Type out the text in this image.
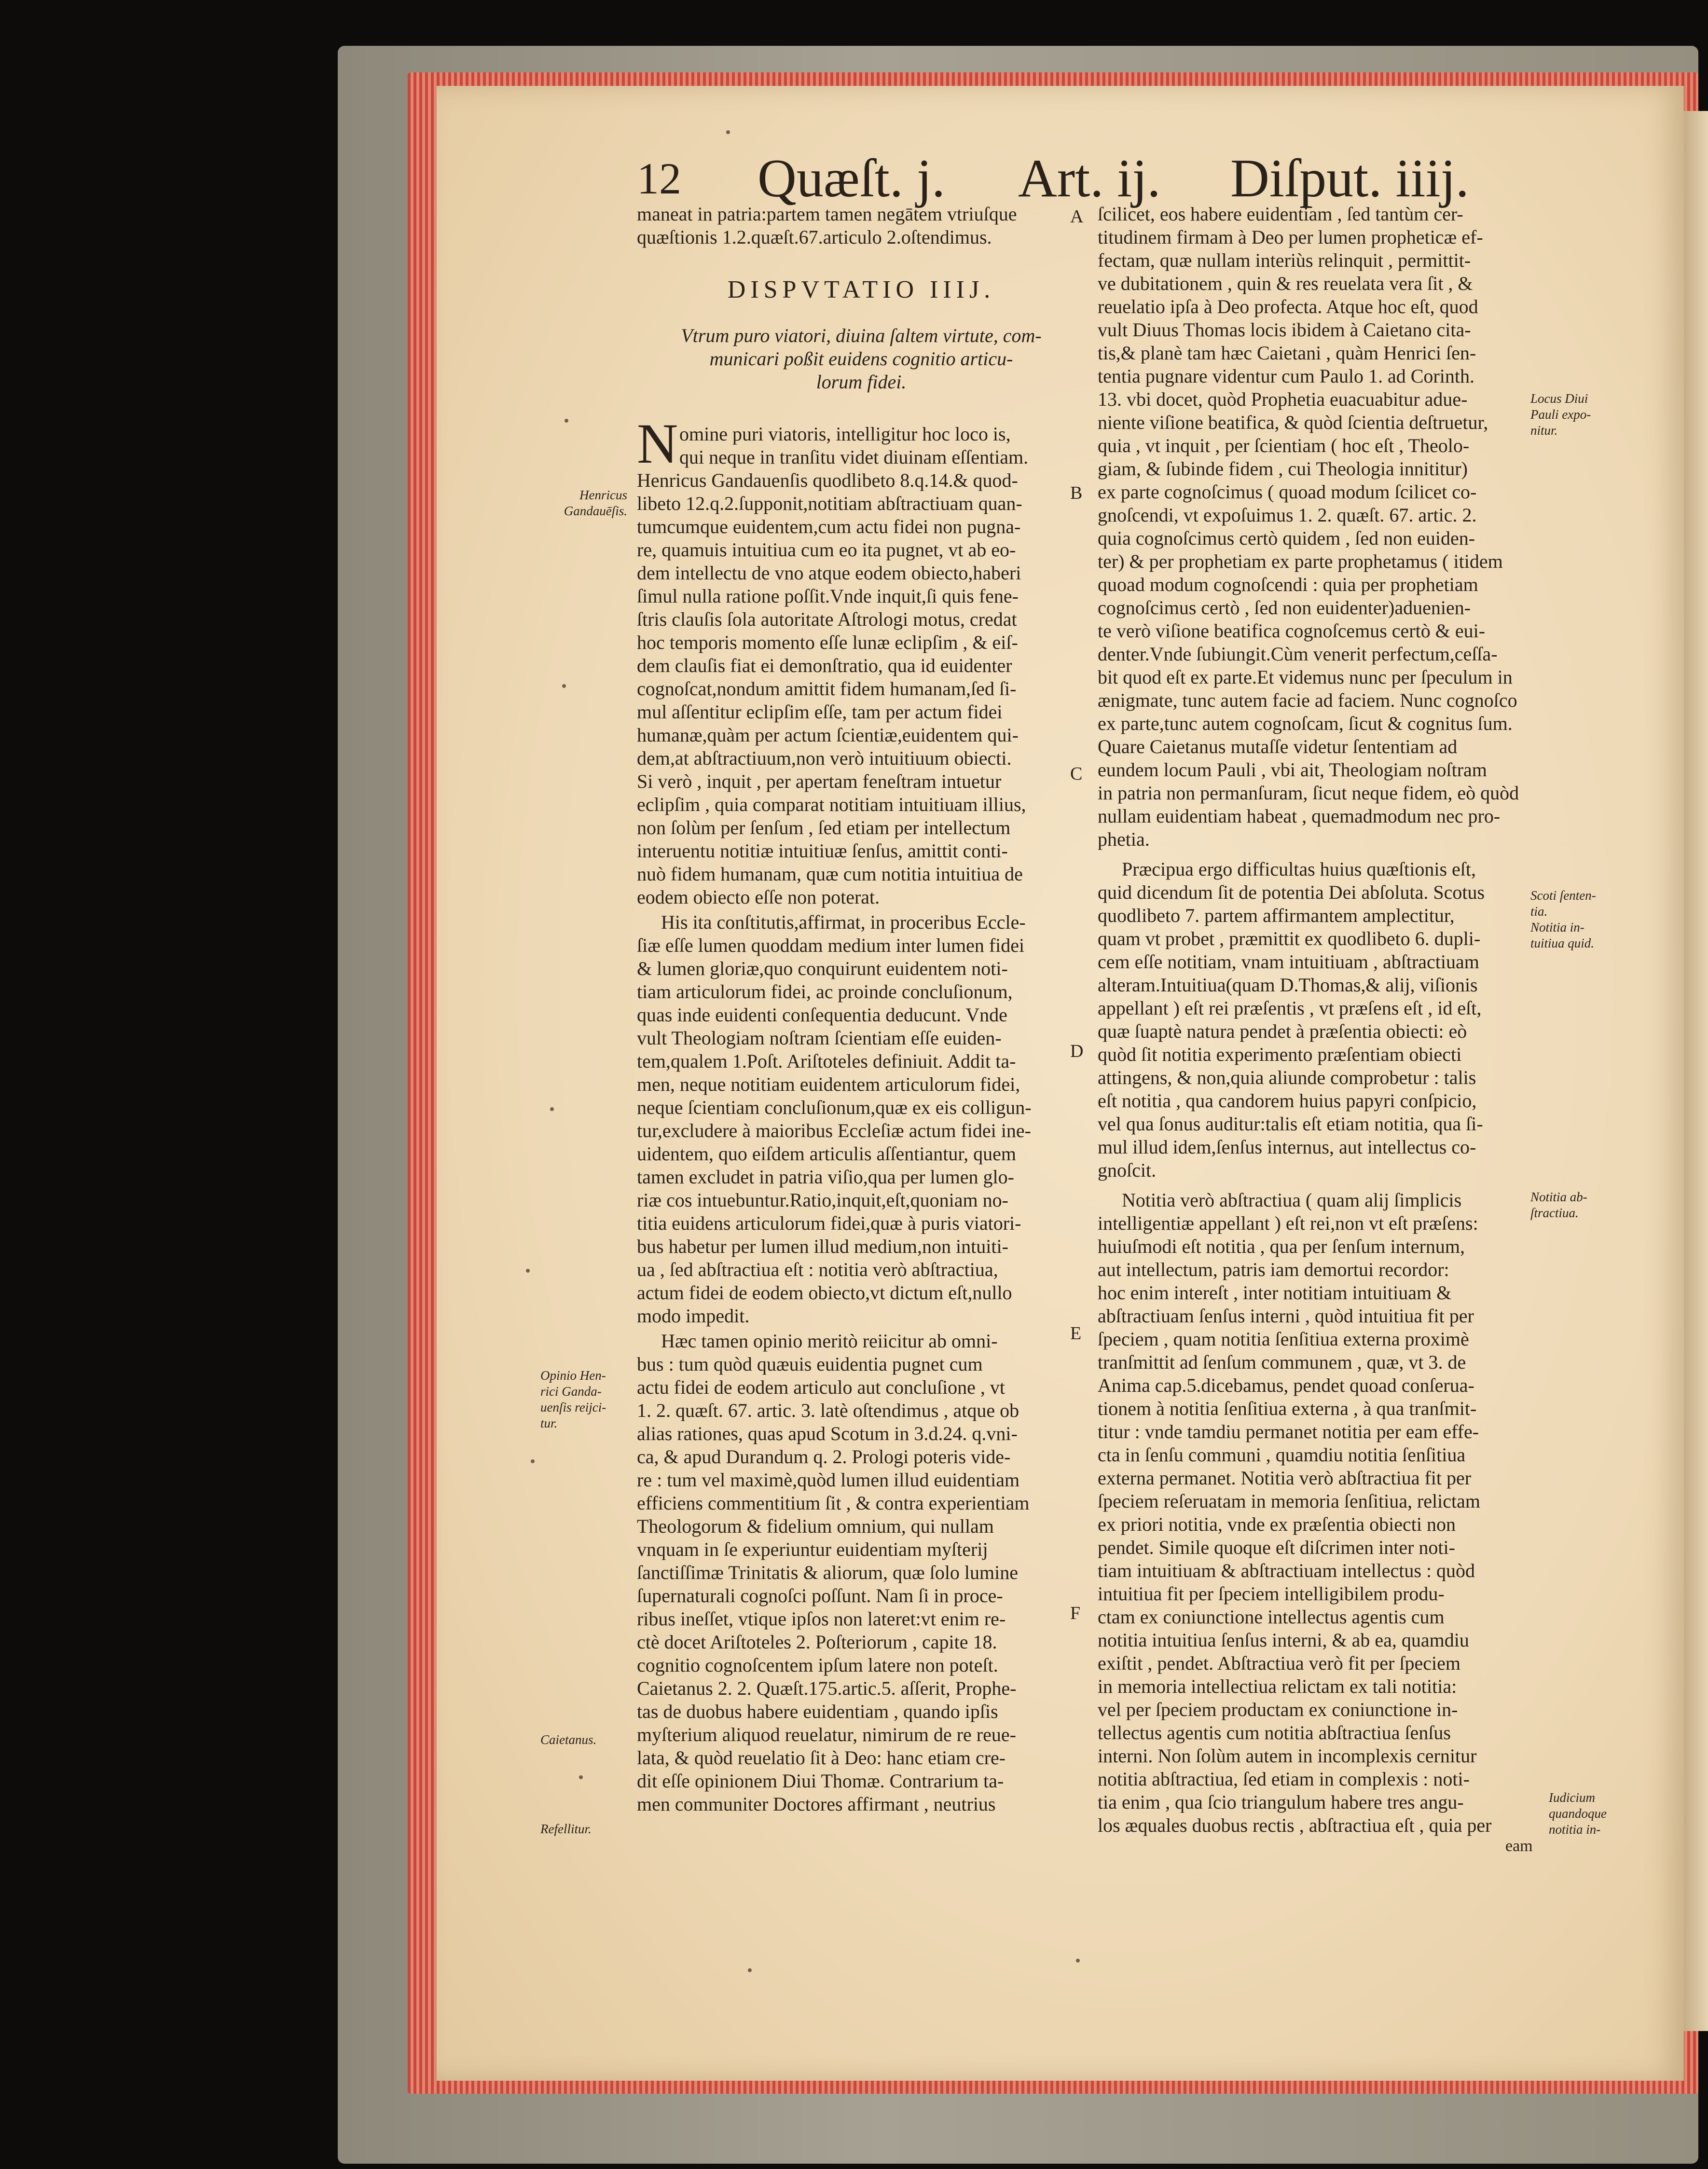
12 Quæſt. j. Art. ij. Diſput. iiij.
maneat in patria:partem tamen negātem vtriuſque
quæſtionis 1.2.quæſt.67.articulo 2.oſtendimus.
DISPVTATIO IIIJ.
Vtrum puro viatori, diuina ſaltem virtute, com-
municari poßit euidens cognitio articu-
lorum fidei.
N omine puri viatoris, intelligitur hoc loco is,
qui neque in tranſitu videt diuinam eſſentiam.
Henricus Gandauenſis quodlibeto 8.q.14.& quod-
libeto 12.q.2.ſupponit,notitiam abſtractiuam quan-
tumcumque euidentem,cum actu fidei non pugna-
re, quamuis intuitiua cum eo ita pugnet, vt ab eo-
dem intellectu de vno atque eodem obiecto,haberi
ſimul nulla ratione poſſit.Vnde inquit,ſi quis fene-
ſtris clauſis ſola autoritate Aſtrologi motus, credat
hoc temporis momento eſſe lunæ eclipſim , & eiſ-
dem clauſis fiat ei demonſtratio, qua id euidenter
cognoſcat,nondum amittit fidem humanam,ſed ſi-
mul aſſentitur eclipſim eſſe, tam per actum fidei
humanæ,quàm per actum ſcientiæ,euidentem qui-
dem,at abſtractiuum,non verò intuitiuum obiecti.
Si verò , inquit , per apertam feneſtram intuetur
eclipſim , quia comparat notitiam intuitiuam illius,
non ſolùm per ſenſum , ſed etiam per intellectum
interuentu notitiæ intuitiuæ ſenſus, amittit conti-
nuò fidem humanam, quæ cum notitia intuitiua de
eodem obiecto eſſe non poterat.
His ita conſtitutis,affirmat, in proceribus Eccle-
ſiæ eſſe lumen quoddam medium inter lumen fidei
& lumen gloriæ,quo conquirunt euidentem noti-
tiam articulorum fidei, ac proinde concluſionum,
quas inde euidenti conſequentia deducunt. Vnde
vult Theologiam noſtram ſcientiam eſſe euiden-
tem,qualem 1.Poſt. Ariſtoteles definiuit. Addit ta-
men, neque notitiam euidentem articulorum fidei,
neque ſcientiam concluſionum,quæ ex eis colligun-
tur,excludere à maioribus Eccleſiæ actum fidei ine-
uidentem, quo eiſdem articulis aſſentiantur, quem
tamen excludet in patria viſio,qua per lumen glo-
riæ cos intuebuntur.Ratio,inquit,eſt,quoniam no-
titia euidens articulorum fidei,quæ à puris viatori-
bus habetur per lumen illud medium,non intuiti-
ua , ſed abſtractiua eſt : notitia verò abſtractiua,
actum fidei de eodem obiecto,vt dictum eſt,nullo
modo impedit.
Hæc tamen opinio meritò reiicitur ab omni-
bus : tum quòd quæuis euidentia pugnet cum
actu fidei de eodem articulo aut concluſione , vt
1. 2. quæſt. 67. artic. 3. latè oſtendimus , atque ob
alias rationes, quas apud Scotum in 3.d.24. q.vni-
ca, & apud Durandum q. 2. Prologi poteris vide-
re : tum vel maximè,quòd lumen illud euidentiam
efficiens commentitium ſit , & contra experientiam
Theologorum & fidelium omnium, qui nullam
vnquam in ſe experiuntur euidentiam myſterij
ſanctiſſimæ Trinitatis & aliorum, quæ ſolo lumine
ſupernaturali cognoſci poſſunt. Nam ſi in proce-
ribus ineſſet, vtique ipſos non lateret:vt enim re-
ctè docet Ariſtoteles 2. Poſteriorum , capite 18.
cognitio cognoſcentem ipſum latere non poteſt.
Caietanus 2. 2. Quæſt.175.artic.5. aſſerit, Prophe-
tas de duobus habere euidentiam , quando ipſis
myſterium aliquod reuelatur, nimirum de re reue-
lata, & quòd reuelatio ſit à Deo: hanc etiam cre-
dit eſſe opinionem Diui Thomæ. Contrarium ta-
men communiter Doctores affirmant , neutrius
ſcilicet, eos habere euidentiam , ſed tantùm cer-
titudinem firmam à Deo per lumen propheticæ ef-
fectam, quæ nullam interiùs relinquit , permittit-
ve dubitationem , quin & res reuelata vera ſit , &
reuelatio ipſa à Deo profecta. Atque hoc eſt, quod
vult Diuus Thomas locis ibidem à Caietano cita-
tis,& planè tam hæc Caietani , quàm Henrici ſen-
tentia pugnare videntur cum Paulo 1. ad Corinth.
13. vbi docet, quòd Prophetia euacuabitur adue-
niente viſione beatifica, & quòd ſcientia deſtruetur,
quia , vt inquit , per ſcientiam ( hoc eſt , Theolo-
giam, & ſubinde fidem , cui Theologia innititur)
ex parte cognoſcimus ( quoad modum ſcilicet co-
gnoſcendi, vt expoſuimus 1. 2. quæſt. 67. artic. 2.
quia cognoſcimus certò quidem , ſed non euiden-
ter) & per prophetiam ex parte prophetamus ( itidem
quoad modum cognoſcendi : quia per prophetiam
cognoſcimus certò , ſed non euidenter)aduenien-
te verò viſione beatifica cognoſcemus certò & eui-
denter.Vnde ſubiungit.Cùm venerit perfectum,ceſſa-
bit quod eſt ex parte.Et videmus nunc per ſpeculum in
ænigmate, tunc autem facie ad faciem. Nunc cognoſco
ex parte,tunc autem cognoſcam, ſicut & cognitus ſum.
Quare Caietanus mutaſſe videtur ſententiam ad
eundem locum Pauli , vbi ait, Theologiam noſtram
in patria non permanſuram, ſicut neque fidem, eò quòd
nullam euidentiam habeat , quemadmodum nec pro-
phetia.
Præcipua ergo difficultas huius quæſtionis eſt,
quid dicendum ſit de potentia Dei abſoluta. Scotus
quodlibeto 7. partem affirmantem amplectitur,
quam vt probet , præmittit ex quodlibeto 6. dupli-
cem eſſe notitiam, vnam intuitiuam , abſtractiuam
alteram.Intuitiua(quam D.Thomas,& alij, viſionis
appellant ) eſt rei præſentis , vt præſens eſt , id eſt,
quæ ſuaptè natura pendet à præſentia obiecti: eò
quòd ſit notitia experimento præſentiam obiecti
attingens, & non,quia aliunde comprobetur : talis
eſt notitia , qua candorem huius papyri conſpicio,
vel qua ſonus auditur:talis eſt etiam notitia, qua ſi-
mul illud idem,ſenſus internus, aut intellectus co-
gnoſcit.
Notitia verò abſtractiua ( quam alij ſimplicis
intelligentiæ appellant ) eſt rei,non vt eſt præſens:
huiuſmodi eſt notitia , qua per ſenſum internum,
aut intellectum, patris iam demortui recordor:
hoc enim intereſt , inter notitiam intuitiuam &
abſtractiuam ſenſus interni , quòd intuitiua fit per
ſpeciem , quam notitia ſenſitiua externa proximè
tranſmittit ad ſenſum communem , quæ, vt 3. de
Anima cap.5.dicebamus, pendet quoad conſerua-
tionem à notitia ſenſitiua externa , à qua tranſmit-
titur : vnde tamdiu permanet notitia per eam effe-
cta in ſenſu communi , quamdiu notitia ſenſitiua
externa permanet. Notitia verò abſtractiua fit per
ſpeciem reſeruatam in memoria ſenſitiua, relictam
ex priori notitia, vnde ex præſentia obiecti non
pendet. Simile quoque eſt diſcrimen inter noti-
tiam intuitiuam & abſtractiuam intellectus : quòd
intuitiua fit per ſpeciem intelligibilem produ-
ctam ex coniunctione intellectus agentis cum
notitia intuitiua ſenſus interni, & ab ea, quamdiu
exiſtit , pendet. Abſtractiua verò fit per ſpeciem
in memoria intellectiua relictam ex tali notitia:
vel per ſpeciem productam ex coniunctione in-
tellectus agentis cum notitia abſtractiua ſenſus
interni. Non ſolùm autem in incomplexis cernitur
notitia abſtractiua, ſed etiam in complexis : noti-
tia enim , qua ſcio triangulum habere tres angu-
los æquales duobus rectis , abſtractiua eſt , quia per
eam
A
B
C
D
E
F
Henricus
Gandauēſis.
Opinio Hen-
rici Ganda-
uenſis reijci-
tur.
Caietanus.
Refellitur.
Locus Diui
Pauli expo-
nitur.
Scoti ſenten-
tia.
Notitia in-
tuitiua quid.
Notitia ab-
ſtractiua.
Iudicium
quandoque
notitia in-
